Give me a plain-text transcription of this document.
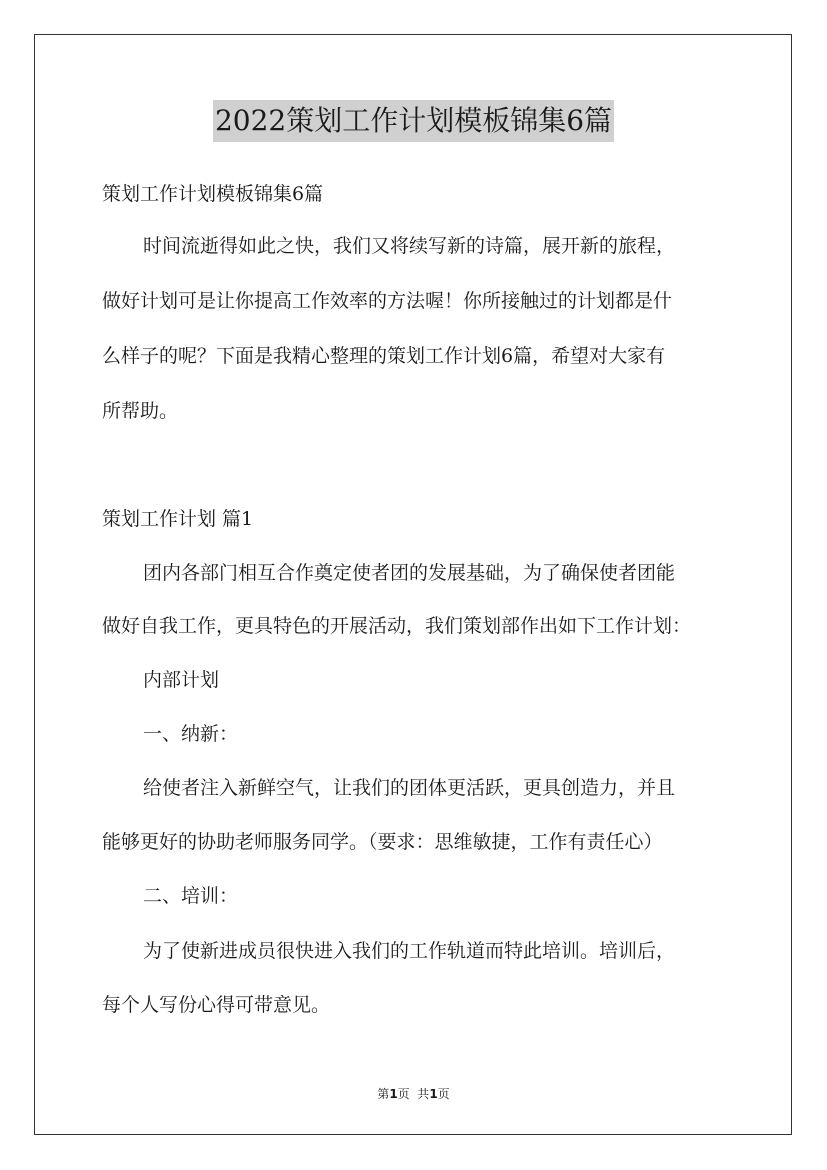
2022策划工作计划模板锦集6篇

策划工作计划模板锦集6篇

时间流逝得如此之快，我们又将续写新的诗篇，展开新的旅程，

做好计划可是让你提高工作效率的方法喔！你所接触过的计划都是什

么样子的呢？下面是我精心整理的策划工作计划6篇，希望对大家有

所帮助。

策划工作计划 篇1

团内各部门相互合作奠定使者团的发展基础，为了确保使者团能

做好自我工作，更具特色的开展活动，我们策划部作出如下工作计划：

内部计划

一、纳新：

给使者注入新鲜空气，让我们的团体更活跃，更具创造力，并且

能够更好的协助老师服务同学。（要求：思维敏捷，工作有责任心）

二、培训：

为了使新进成员很快进入我们的工作轨道而特此培训。培训后，

每个人写份心得可带意见。

第1页  共1页
